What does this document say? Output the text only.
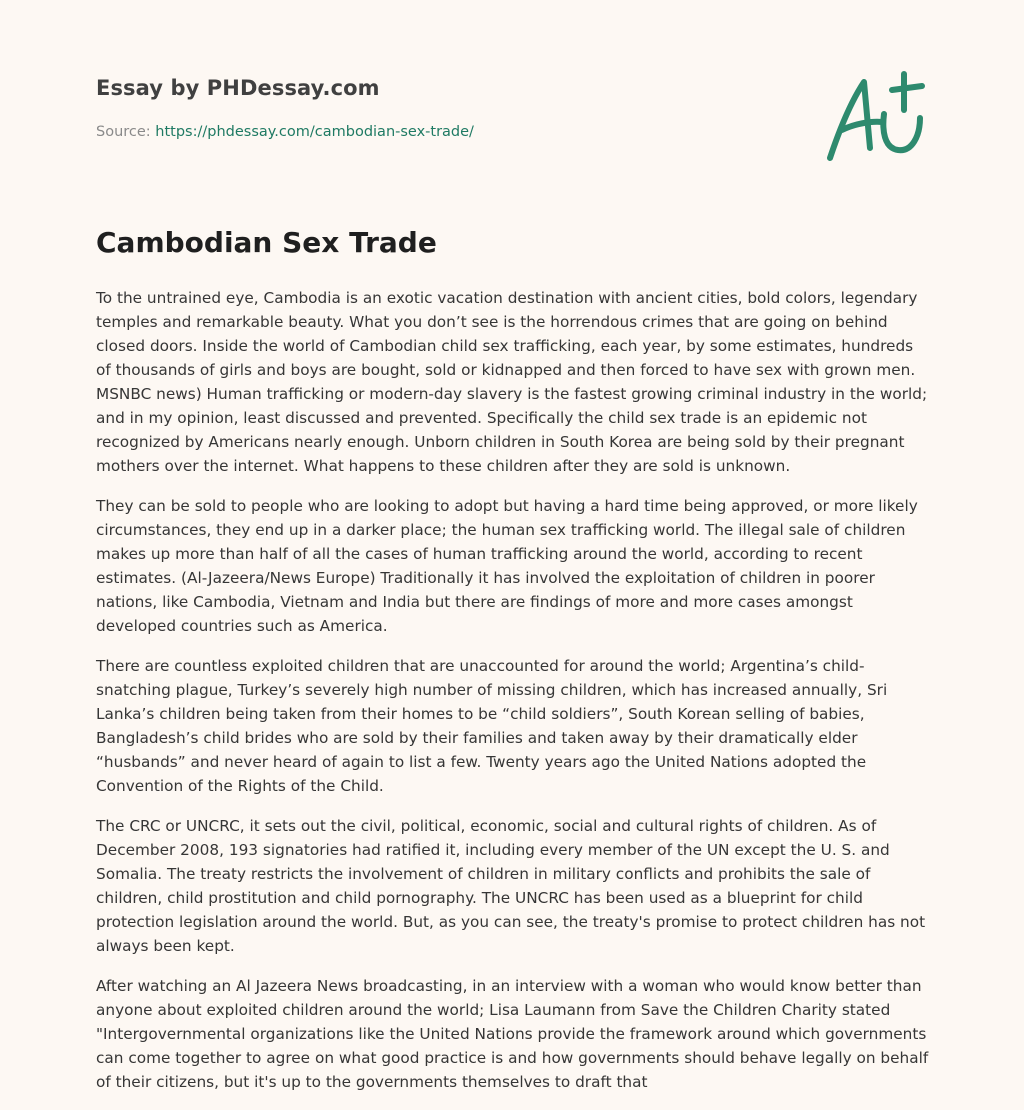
Essay by PHDessay.com

Source: https://phdessay.com/cambodian-sex-trade/

Cambodian Sex Trade

To the untrained eye, Cambodia is an exotic vacation destination with ancient cities, bold colors, legendary temples and remarkable beauty. What you don’t see is the horrendous crimes that are going on behind closed doors. Inside the world of Cambodian child sex trafficking, each year, by some estimates, hundreds of thousands of girls and boys are bought, sold or kidnapped and then forced to have sex with grown men. MSNBC news) Human trafficking or modern-day slavery is the fastest growing criminal industry in the world; and in my opinion, least discussed and prevented. Specifically the child sex trade is an epidemic not recognized by Americans nearly enough. Unborn children in South Korea are being sold by their pregnant mothers over the internet. What happens to these children after they are sold is unknown.

They can be sold to people who are looking to adopt but having a hard time being approved, or more likely circumstances, they end up in a darker place; the human sex trafficking world. The illegal sale of children makes up more than half of all the cases of human trafficking around the world, according to recent estimates. (Al-Jazeera/News Europe) Traditionally it has involved the exploitation of children in poorer nations, like Cambodia, Vietnam and India but there are findings of more and more cases amongst developed countries such as America.

There are countless exploited children that are unaccounted for around the world; Argentina’s child-snatching plague, Turkey’s severely high number of missing children, which has increased annually, Sri Lanka’s children being taken from their homes to be “child soldiers”, South Korean selling of babies, Bangladesh’s child brides who are sold by their families and taken away by their dramatically elder “husbands” and never heard of again to list a few. Twenty years ago the United Nations adopted the Convention of the Rights of the Child.

The CRC or UNCRC, it sets out the civil, political, economic, social and cultural rights of children. As of December 2008, 193 signatories had ratified it, including every member of the UN except the U. S. and Somalia. The treaty restricts the involvement of children in military conflicts and prohibits the sale of children, child prostitution and child pornography. The UNCRC has been used as a blueprint for child protection legislation around the world. But, as you can see, the treaty's promise to protect children has not always been kept.

After watching an Al Jazeera News broadcasting, in an interview with a woman who would know better than anyone about exploited children around the world; Lisa Laumann from Save the Children Charity stated "Intergovernmental organizations like the United Nations provide the framework around which governments can come together to agree on what good practice is and how governments should behave legally on behalf of their citizens, but it's up to the governments themselves to draft that
